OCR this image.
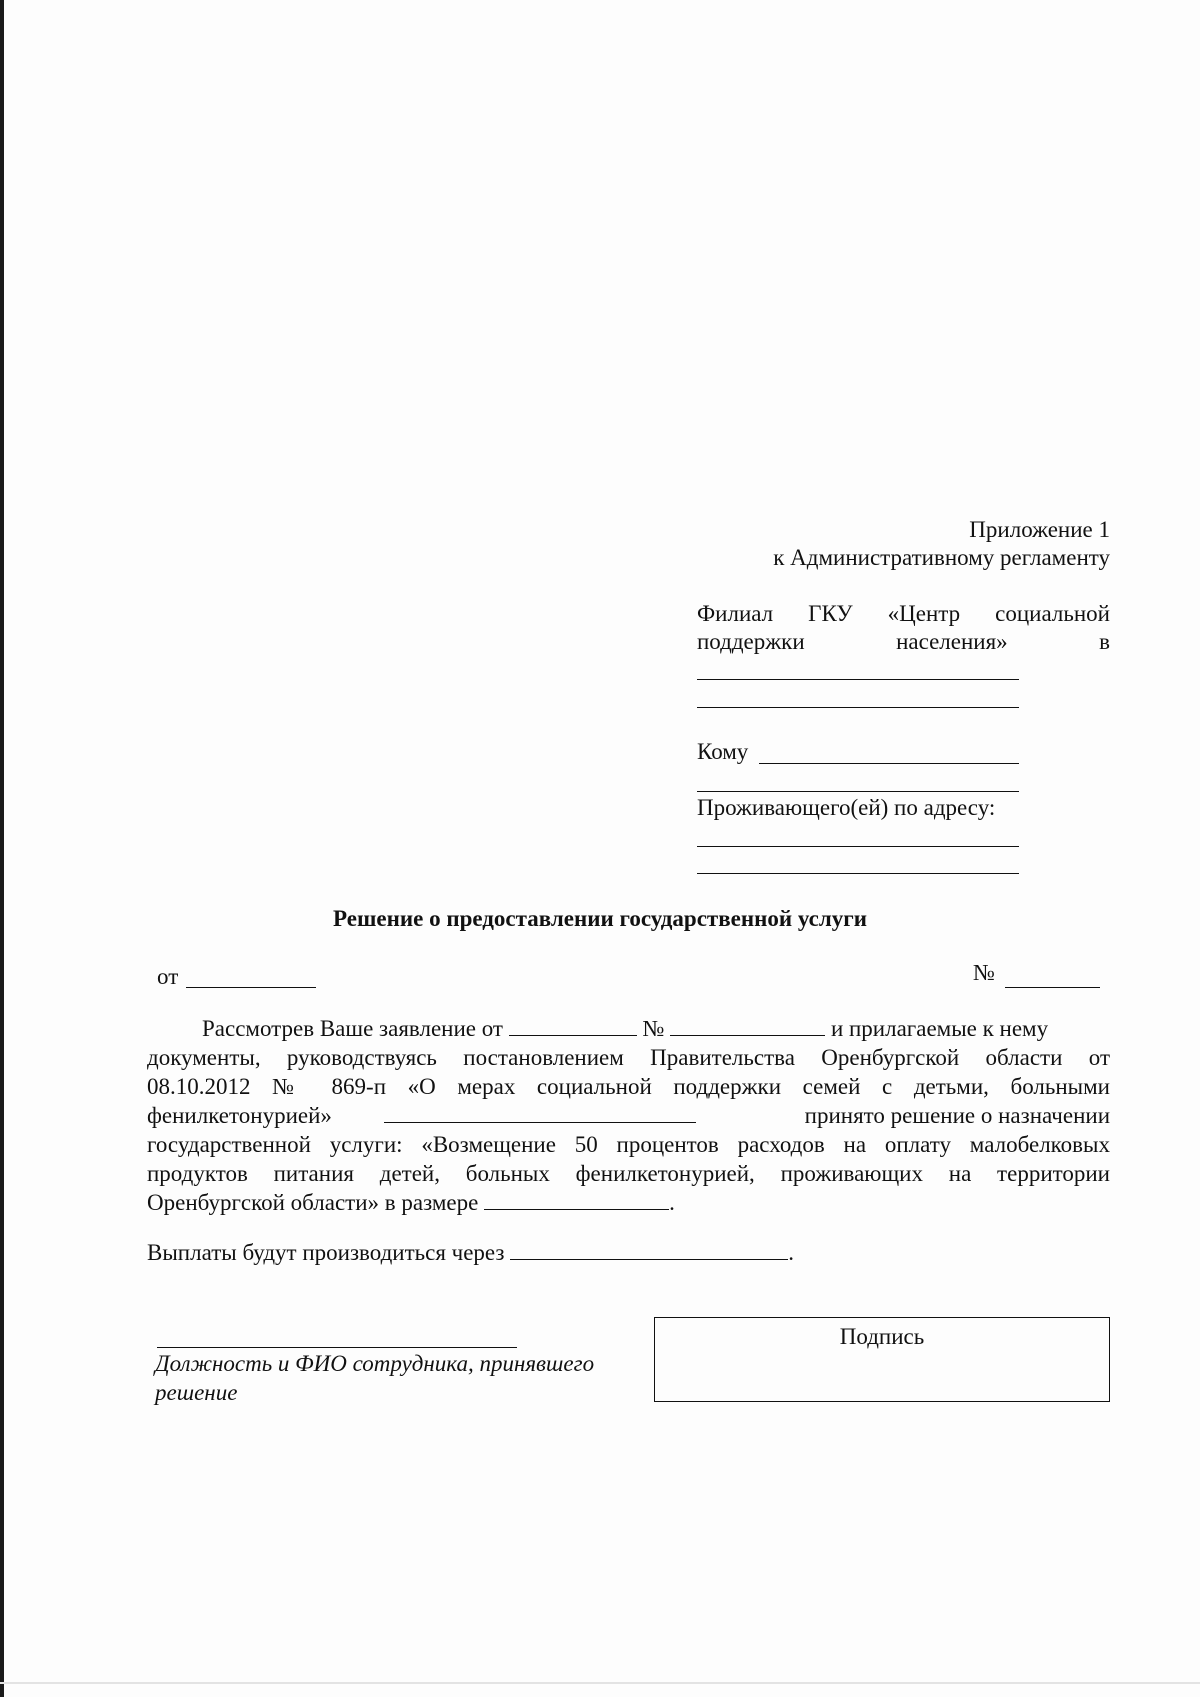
Приложение 1
к Административному регламенту
Филиал ГКУ «Центр социальной
поддержки населения» в
Кому
Проживающего(ей) по адресу:
Решение о предоставлении государственной услуги
от	№
Рассмотрев Ваше заявление от	№	и прилагаемые к нему
документы, руководствуясь постановлением Правительства Оренбургской области от
08.10.2012 № 869-п «О мерах социальной поддержки семей с детьми, больными
фенилкетонурией»	принято решение о назначении
государственной услуги: «Возмещение 50 процентов расходов на оплату малобелковых
продуктов питания детей, больных фенилкетонурией, проживающих на территории
Оренбургской области» в размере	.
Выплаты будут производиться через	.
Должность и ФИО сотрудника, принявшего
решение
Подпись
